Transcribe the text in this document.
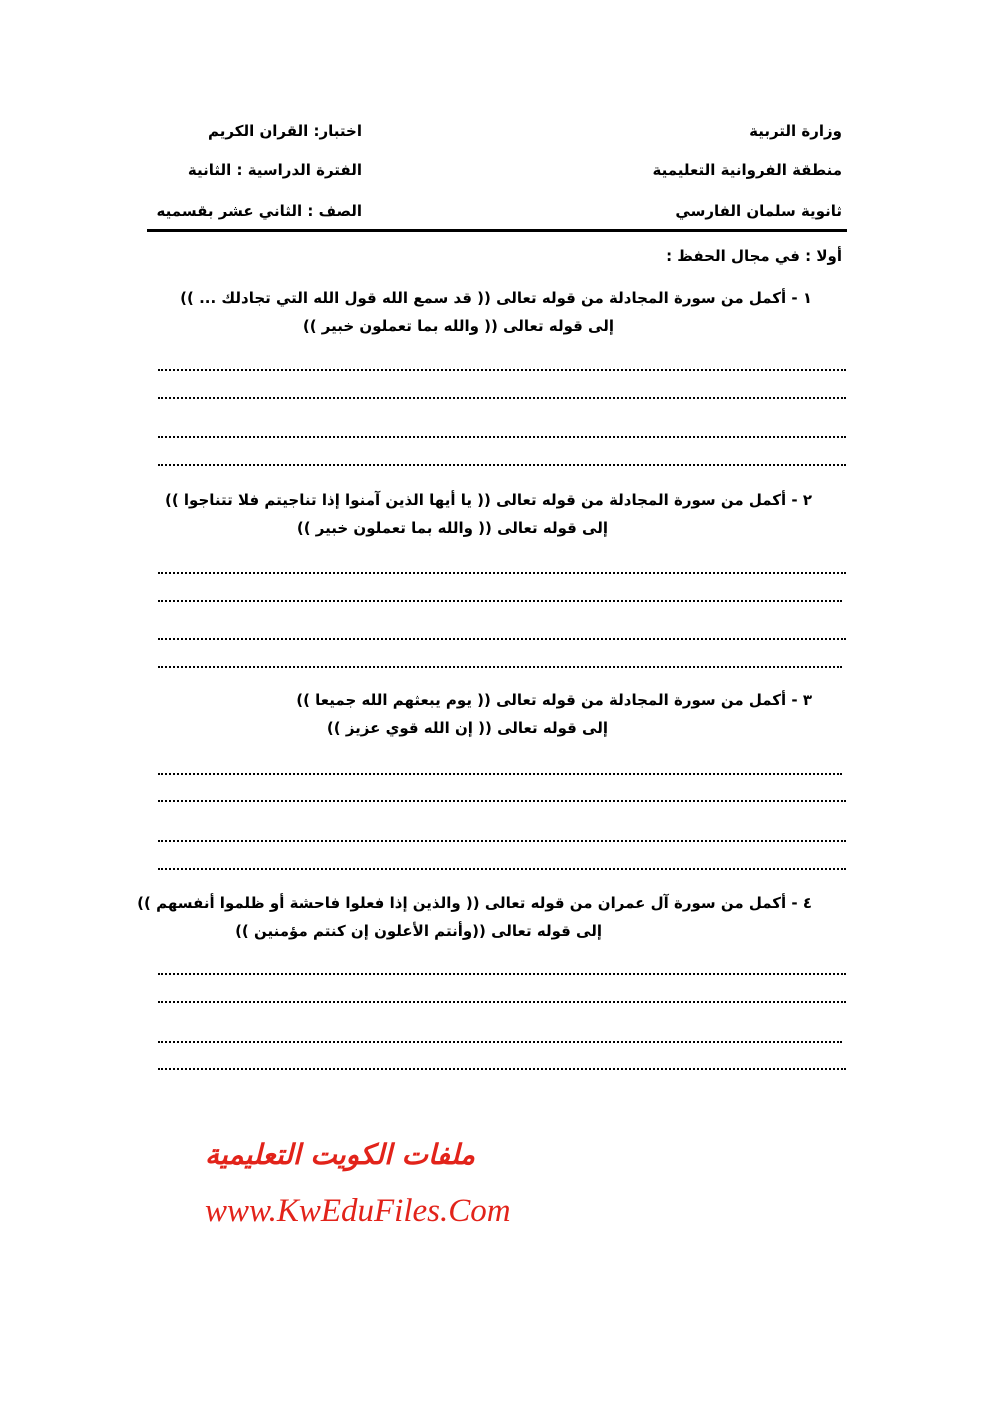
وزارة التربية
منطقة الفروانية التعليمية
ثانوية سلمان الفارسي
اختبار: القران الكريم
الفترة الدراسية : الثانية
الصف : الثاني عشر بقسميه
أولا : في مجال الحفظ :
١ - أكمل من سورة المجادلة من قوله تعالى (( قد سمع الله قول الله التي تجادلك ... ))
إلى قوله تعالى (( والله بما تعملون خبير ))
٢ - أكمل من سورة المجادلة من قوله تعالى (( يا أيها الذين آمنوا إذا تناجيتم فلا تتناجوا ))
إلى قوله تعالى (( والله بما تعملون خبير ))
٣ - أكمل من سورة المجادلة من قوله تعالى (( يوم يبعثهم الله جميعا ))
إلى قوله تعالى (( إن الله قوي عزيز ))
٤ - أكمل من سورة آل عمران من قوله تعالى (( والذين إذا فعلوا فاحشة أو ظلموا أنفسهم ))
إلى قوله تعالى ((وأنتم الأعلون إن كنتم مؤمنين ))
ملفات الكويت التعليمية
www.KwEduFiles.Com
